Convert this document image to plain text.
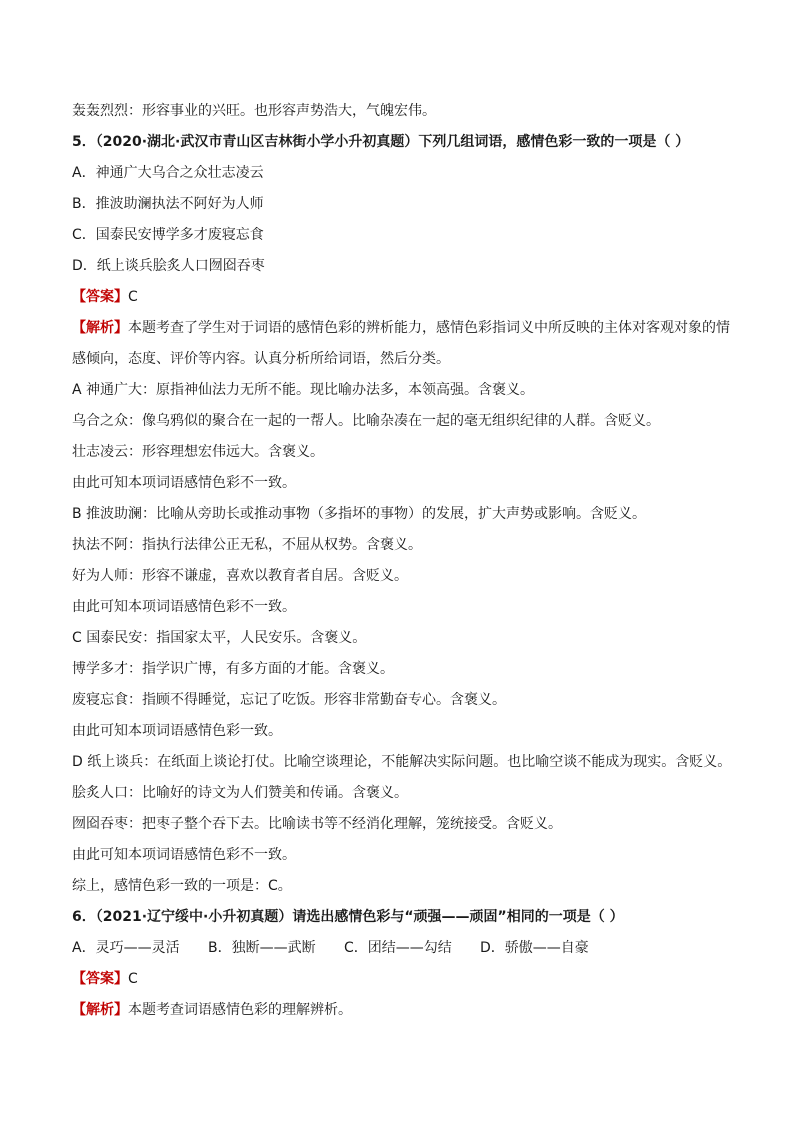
轰轰烈烈：形容事业的兴旺。也形容声势浩大，气魄宏伟。
5．（2020·湖北·武汉市青山区吉林街小学小升初真题）下列几组词语，感情色彩一致的一项是（ ）
A．神通广大乌合之众壮志凌云
B．推波助澜执法不阿好为人师
C．国泰民安博学多才废寝忘食
D．纸上谈兵脍炙人口囫囵吞枣
【答案】C
【解析】本题考查了学生对于词语的感情色彩的辨析能力，感情色彩指词义中所反映的主体对客观对象的情感倾向，态度、评价等内容。认真分析所给词语，然后分类。
A 神通广大：原指神仙法力无所不能。现比喻办法多，本领高强。含褒义。
乌合之众：像乌鸦似的聚合在一起的一帮人。比喻杂凑在一起的毫无组织纪律的人群。含贬义。
壮志凌云：形容理想宏伟远大。含褒义。
由此可知本项词语感情色彩不一致。
B 推波助澜：比喻从旁助长或推动事物（多指坏的事物）的发展，扩大声势或影响。含贬义。
执法不阿：指执行法律公正无私，不屈从权势。含褒义。
好为人师：形容不谦虚，喜欢以教育者自居。含贬义。
由此可知本项词语感情色彩不一致。
C 国泰民安：指国家太平，人民安乐。含褒义。
博学多才：指学识广博，有多方面的才能。含褒义。
废寝忘食：指顾不得睡觉，忘记了吃饭。形容非常勤奋专心。含褒义。
由此可知本项词语感情色彩一致。
D 纸上谈兵：在纸面上谈论打仗。比喻空谈理论，不能解决实际问题。也比喻空谈不能成为现实。含贬义。
脍炙人口：比喻好的诗文为人们赞美和传诵。含褒义。
囫囵吞枣：把枣子整个吞下去。比喻读书等不经消化理解，笼统接受。含贬义。
由此可知本项词语感情色彩不一致。
综上，感情色彩一致的一项是：C。
6．（2021·辽宁绥中·小升初真题）请选出感情色彩与“顽强——顽固”相同的一项是（ ）
A．灵巧——灵活 B．独断——武断 C．团结——勾结 D．骄傲——自豪
【答案】C
【解析】本题考查词语感情色彩的理解辨析。
